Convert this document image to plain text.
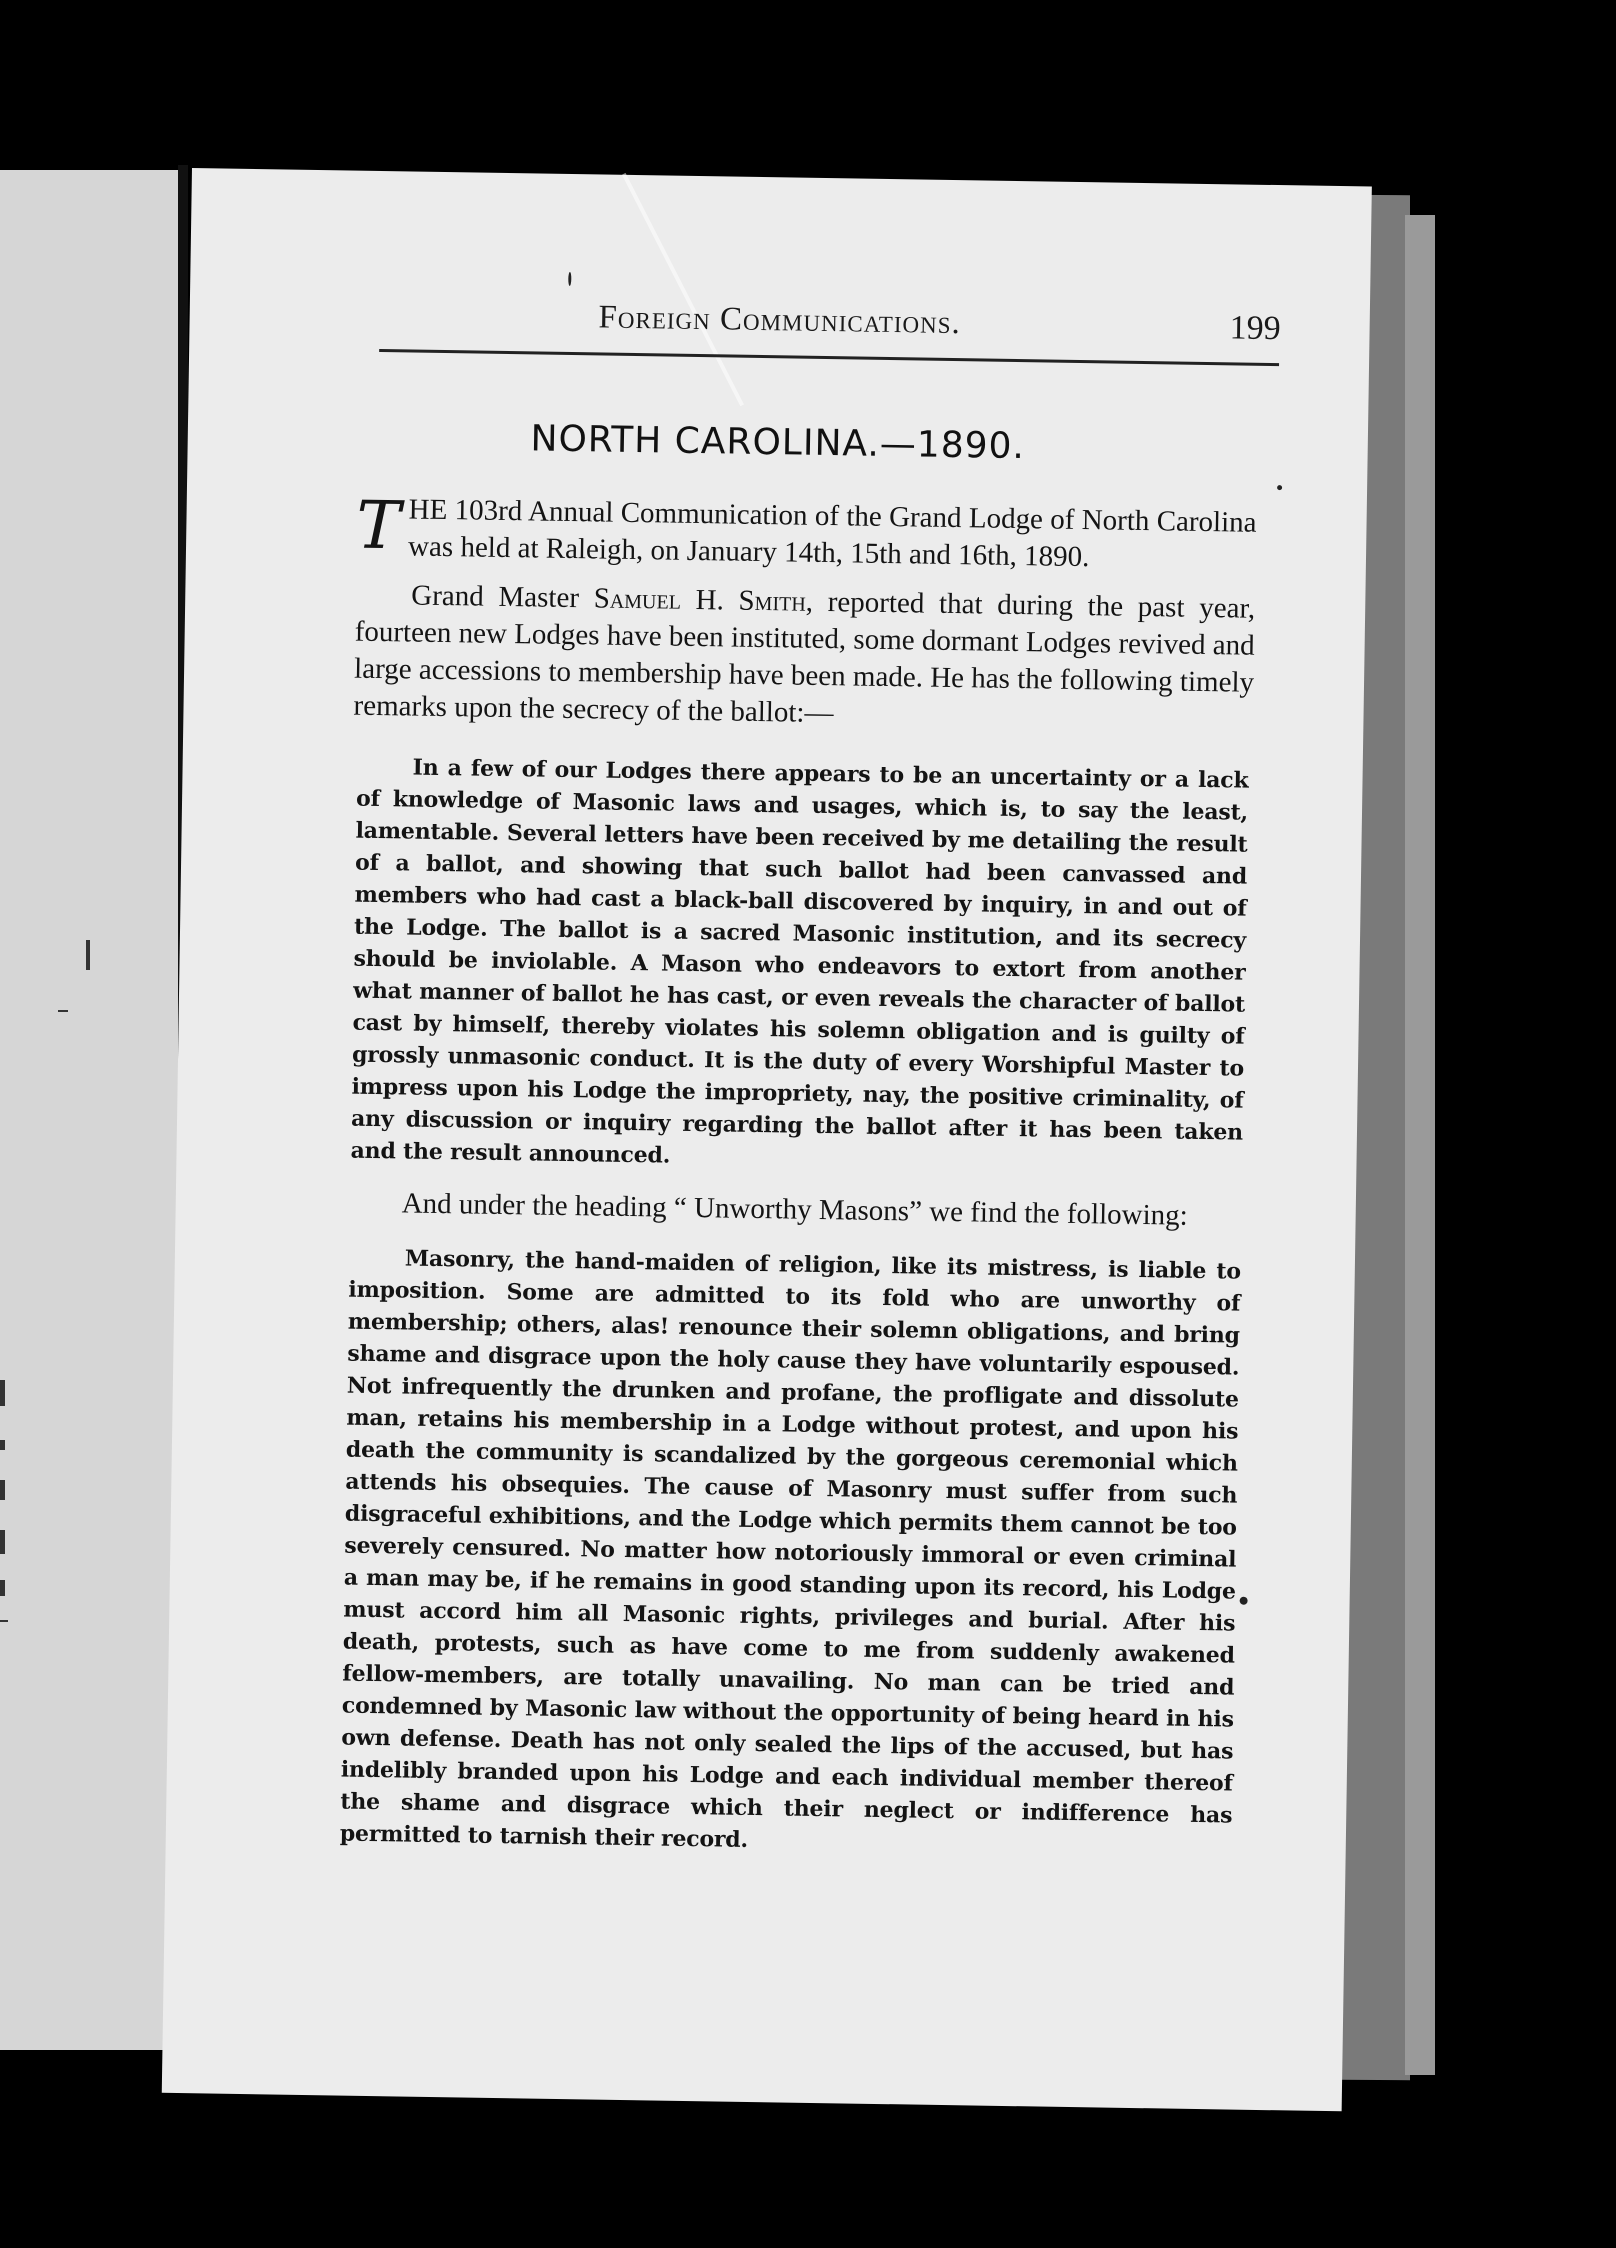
Foreign Communications.	199
NORTH CAROLINA.—1890.

THE 103rd Annual Communication of the Grand Lodge of North Carolina was held at Raleigh, on January 14th, 15th and 16th, 1890.

Grand Master Samuel H. Smith, reported that during the past year, fourteen new Lodges have been instituted, some dormant Lodges revived and large accessions to membership have been made. He has the following timely remarks upon the secrecy of the ballot:—

In a few of our Lodges there appears to be an uncertainty or a lack of knowledge of Masonic laws and usages, which is, to say the least, lamentable. Several letters have been received by me detailing the result of a ballot, and showing that such ballot had been canvassed and members who had cast a black-ball discovered by inquiry, in and out of the Lodge. The ballot is a sacred Masonic institution, and its secrecy should be inviolable. A Mason who endeavors to extort from another what manner of ballot he has cast, or even reveals the character of ballot cast by himself, thereby violates his solemn obligation and is guilty of grossly unmasonic conduct. It is the duty of every Worshipful Master to impress upon his Lodge the impropriety, nay, the positive criminality, of any discussion or inquiry regarding the ballot after it has been taken and the result announced.

And under the heading “ Unworthy Masons” we find the following:

Masonry, the hand-maiden of religion, like its mistress, is liable to imposition. Some are admitted to its fold who are unworthy of membership; others, alas! renounce their solemn obligations, and bring shame and disgrace upon the holy cause they have voluntarily espoused. Not infrequently the drunken and profane, the profligate and dissolute man, retains his membership in a Lodge without protest, and upon his death the community is scandalized by the gorgeous ceremonial which attends his obsequies. The cause of Masonry must suffer from such disgraceful exhibitions, and the Lodge which permits them cannot be too severely censured. No matter how notoriously immoral or even criminal a man may be, if he remains in good standing upon its record, his Lodge must accord him all Masonic rights, privileges and burial. After his death, protests, such as have come to me from suddenly awakened fellow-members, are totally unavailing. No man can be tried and condemned by Masonic law without the opportunity of being heard in his own defense. Death has not only sealed the lips of the accused, but has indelibly branded upon his Lodge and each individual member thereof the shame and disgrace which their neglect or indifference has permitted to tarnish their record.
